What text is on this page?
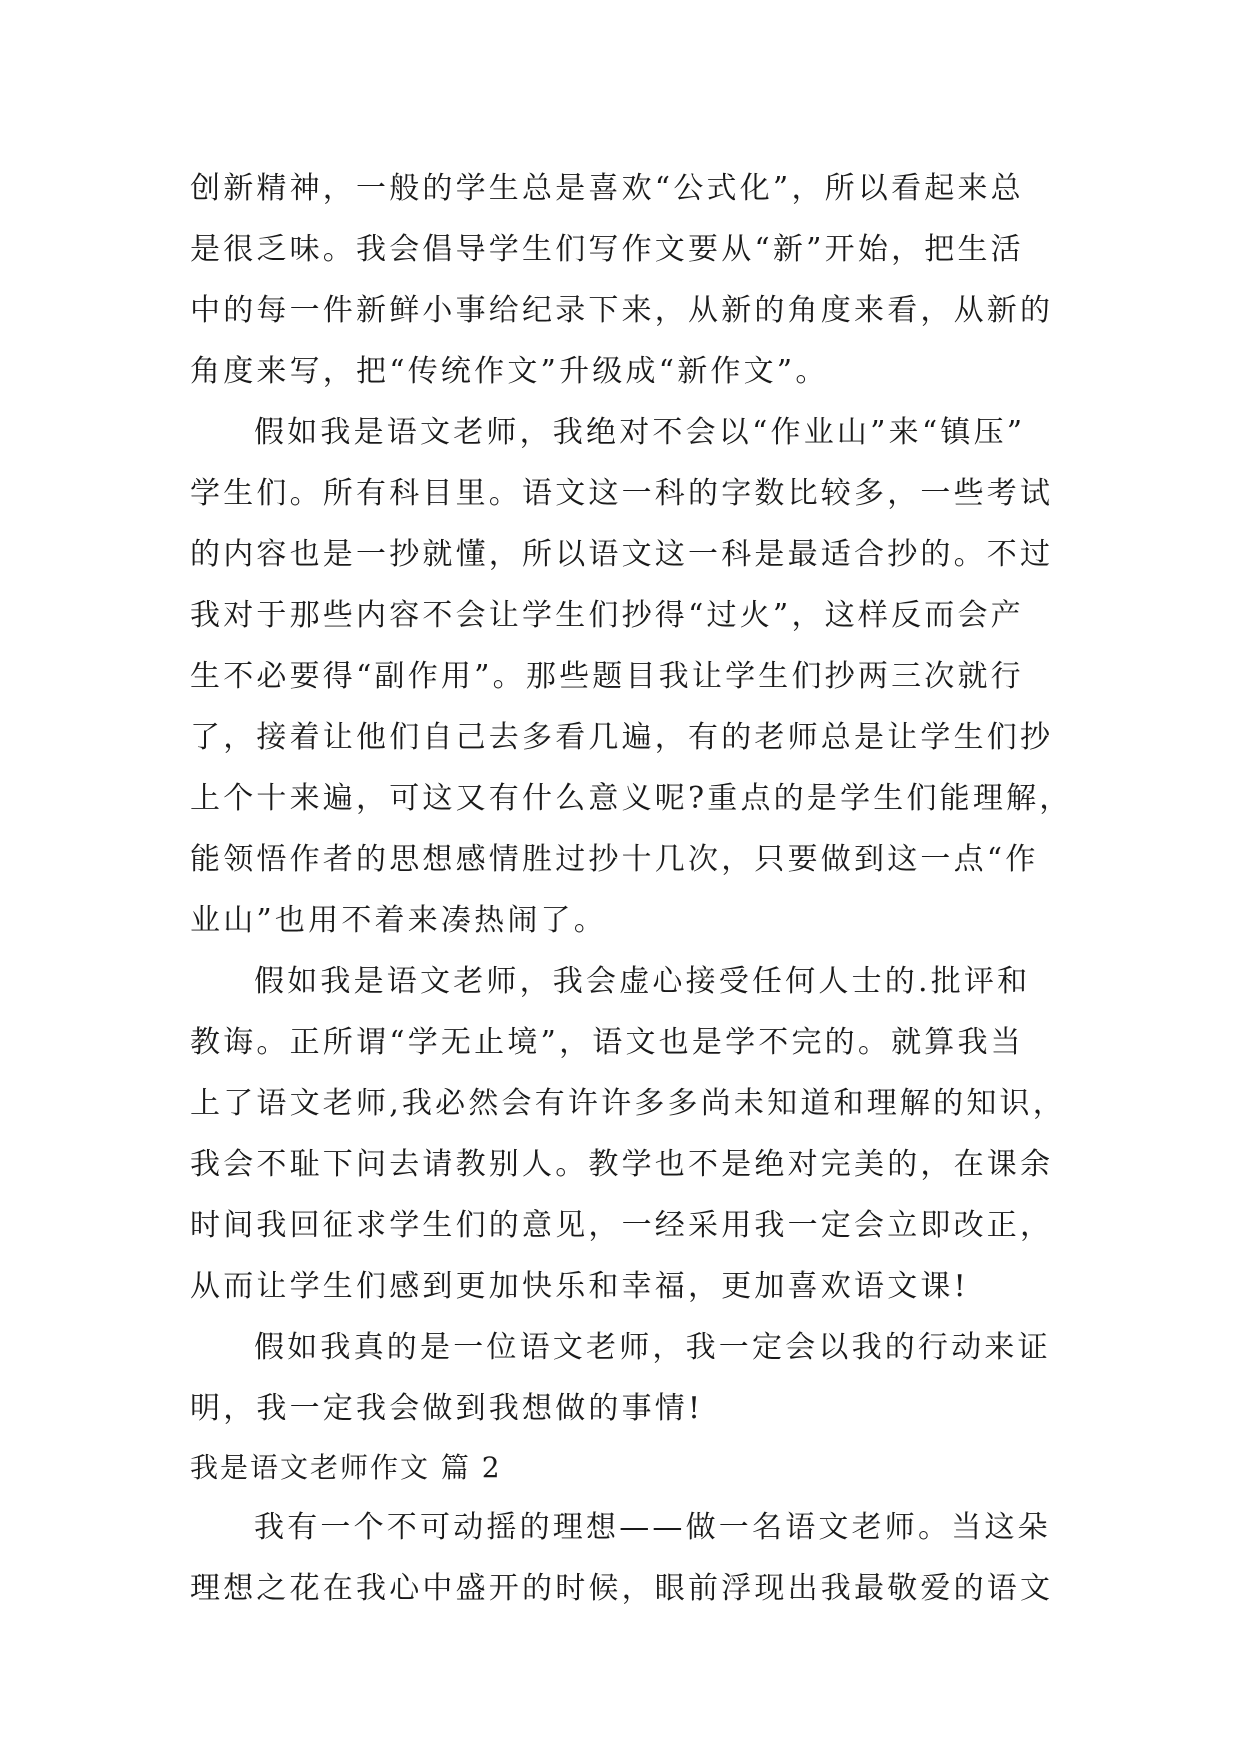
创新精神，一般的学生总是喜欢“公式化”，所以看起来总
是很乏味。我会倡导学生们写作文要从“新”开始，把生活
中的每一件新鲜小事给纪录下来，从新的角度来看，从新的
角度来写，把“传统作文”升级成“新作文”。
假如我是语文老师，我绝对不会以“作业山”来“镇压”
学生们。所有科目里。语文这一科的字数比较多，一些考试
的内容也是一抄就懂，所以语文这一科是最适合抄的。不过
我对于那些内容不会让学生们抄得“过火”，这样反而会产
生不必要得“副作用”。那些题目我让学生们抄两三次就行
了，接着让他们自己去多看几遍，有的老师总是让学生们抄
上个十来遍，可这又有什么意义呢?重点的是学生们能理解，
能领悟作者的思想感情胜过抄十几次，只要做到这一点“作
业山”也用不着来凑热闹了。
假如我是语文老师，我会虚心接受任何人士的.批评和
教诲。正所谓“学无止境”，语文也是学不完的。就算我当
上了语文老师,我必然会有许许多多尚未知道和理解的知识，
我会不耻下问去请教别人。教学也不是绝对完美的，在课余
时间我回征求学生们的意见，一经采用我一定会立即改正，
从而让学生们感到更加快乐和幸福，更加喜欢语文课!
假如我真的是一位语文老师，我一定会以我的行动来证
明，我一定我会做到我想做的事情!
我是语文老师作文 篇 2
我有一个不可动摇的理想——做一名语文老师。当这朵
理想之花在我心中盛开的时候，眼前浮现出我最敬爱的语文
